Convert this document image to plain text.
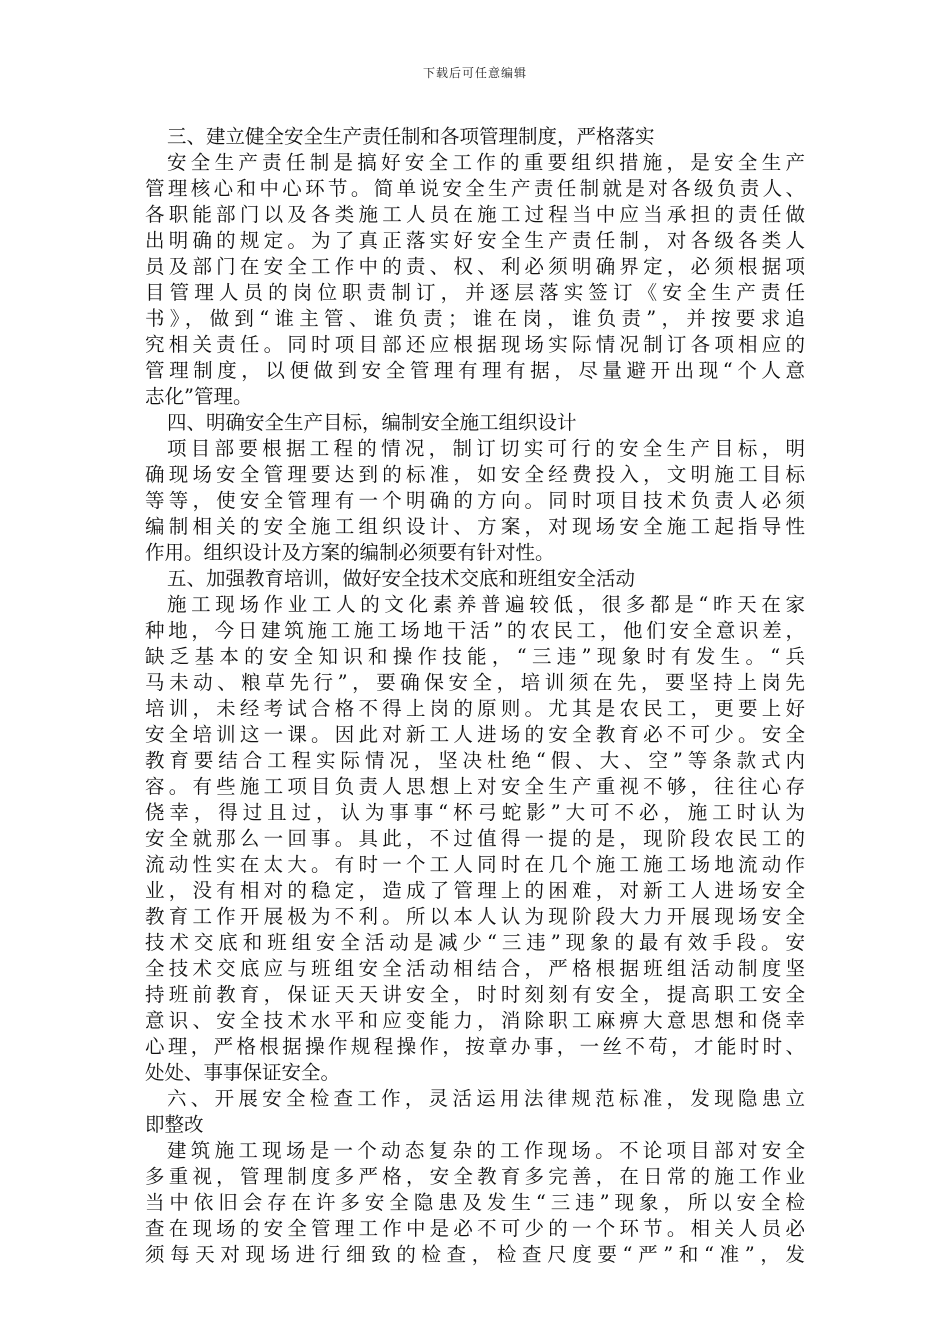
下载后可任意编辑
三、建立健全安全生产责任制和各项管理制度，严格落实
安全生产责任制是搞好安全工作的重要组织措施，是安全生产
管理核心和中心环节。简单说安全生产责任制就是对各级负责人、
各职能部门以及各类施工人员在施工过程当中应当承担的责任做
出明确的规定。为了真正落实好安全生产责任制，对各级各类人
员及部门在安全工作中的责、权、利必须明确界定，必须根据项
目管理人员的岗位职责制订，并逐层落实签订《安全生产责任
书》，做到“谁主管、谁负责；谁在岗，谁负责”，并按要求追
究相关责任。同时项目部还应根据现场实际情况制订各项相应的
管理制度，以便做到安全管理有理有据，尽量避开出现“个人意
志化”管理。
四、明确安全生产目标，编制安全施工组织设计
项目部要根据工程的情况，制订切实可行的安全生产目标，明
确现场安全管理要达到的标准，如安全经费投入，文明施工目标
等等，使安全管理有一个明确的方向。同时项目技术负责人必须
编制相关的安全施工组织设计、方案，对现场安全施工起指导性
作用。组织设计及方案的编制必须要有针对性。
五、加强教育培训，做好安全技术交底和班组安全活动
施工现场作业工人的文化素养普遍较低，很多都是“昨天在家
种地，今日建筑施工施工场地干活”的农民工，他们安全意识差，
缺乏基本的安全知识和操作技能，“三违”现象时有发生。“兵
马未动、粮草先行”，要确保安全，培训须在先，要坚持上岗先
培训，未经考试合格不得上岗的原则。尤其是农民工，更要上好
安全培训这一课。因此对新工人进场的安全教育必不可少。安全
教育要结合工程实际情况，坚决杜绝“假、大、空”等条款式内
容。有些施工项目负责人思想上对安全生产重视不够，往往心存
侥幸，得过且过，认为事事“杯弓蛇影”大可不必，施工时认为
安全就那么一回事。具此，不过值得一提的是，现阶段农民工的
流动性实在太大。有时一个工人同时在几个施工施工场地流动作
业，没有相对的稳定，造成了管理上的困难，对新工人进场安全
教育工作开展极为不利。所以本人认为现阶段大力开展现场安全
技术交底和班组安全活动是减少“三违”现象的最有效手段。安
全技术交底应与班组安全活动相结合，严格根据班组活动制度坚
持班前教育，保证天天讲安全，时时刻刻有安全，提高职工安全
意识、安全技术水平和应变能力，消除职工麻痹大意思想和侥幸
心理，严格根据操作规程操作，按章办事，一丝不苟，才能时时、
处处、事事保证安全。
六、开展安全检查工作，灵活运用法律规范标准，发现隐患立
即整改
建筑施工现场是一个动态复杂的工作现场。不论项目部对安全
多重视，管理制度多严格，安全教育多完善，在日常的施工作业
当中依旧会存在许多安全隐患及发生“三违”现象，所以安全检
查在现场的安全管理工作中是必不可少的一个环节。相关人员必
须每天对现场进行细致的检查，检查尺度要“严”和“准”，发
